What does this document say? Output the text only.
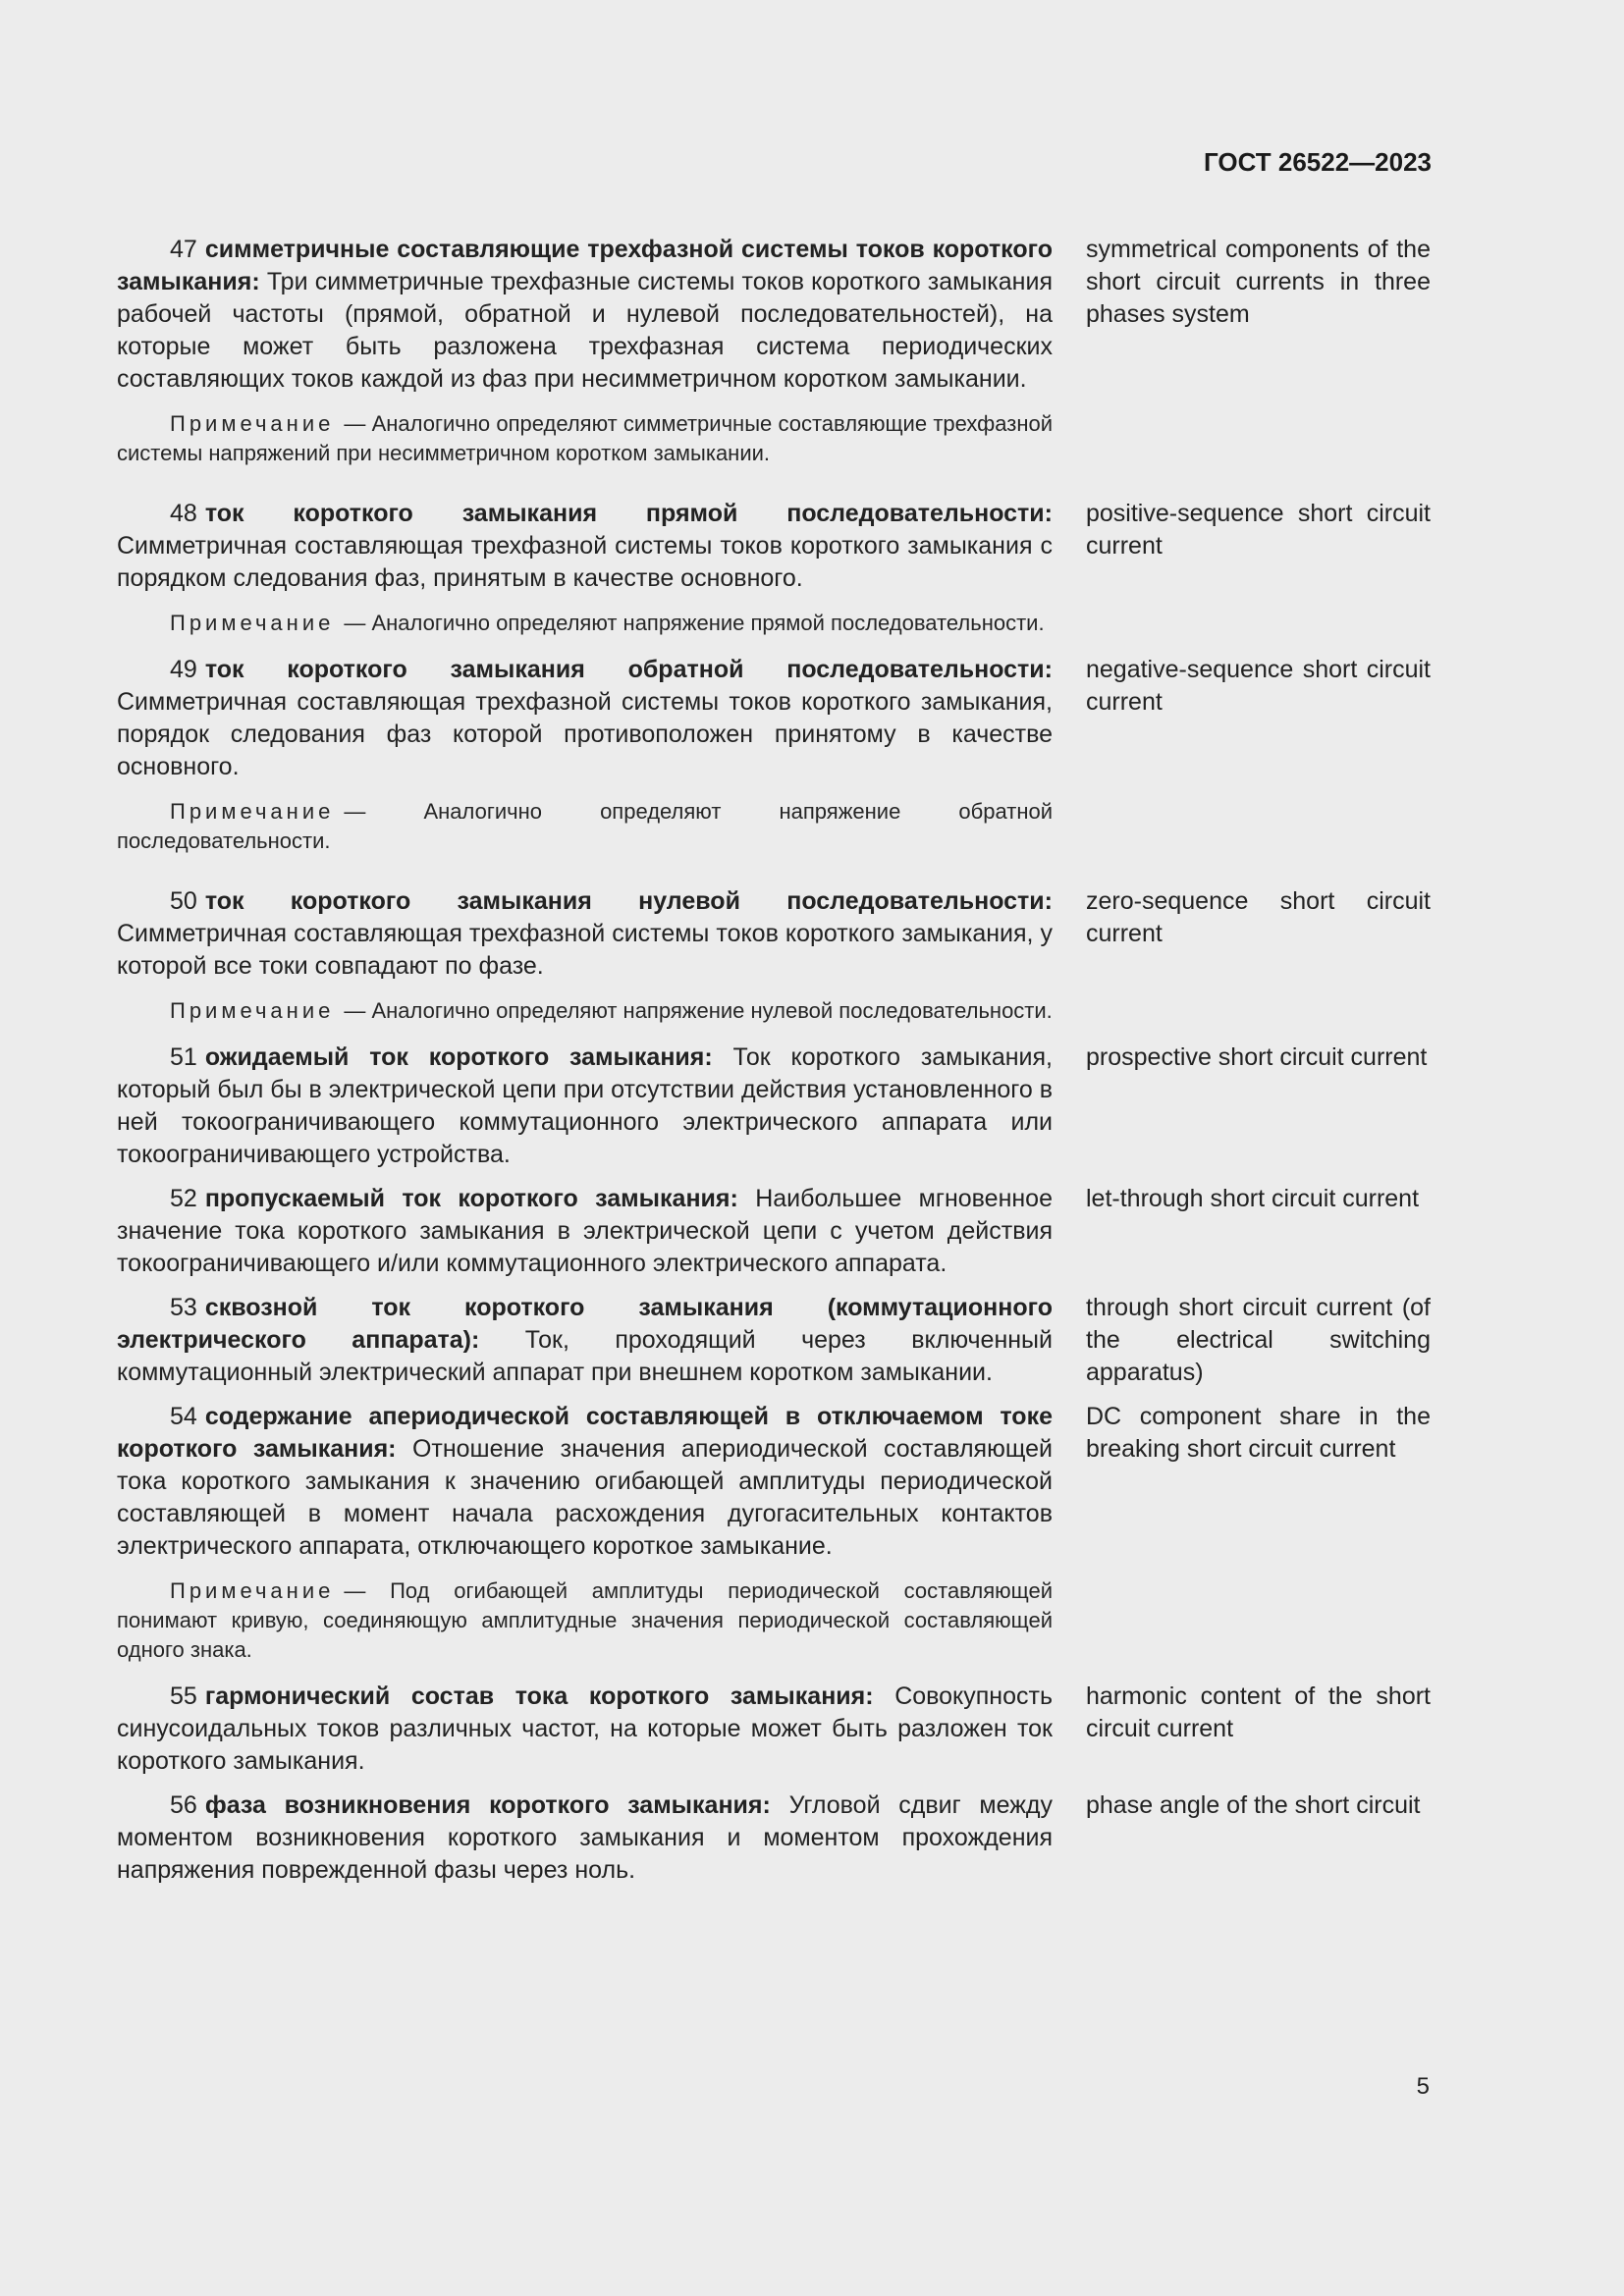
ГОСТ 26522—2023
47 симметричные составляющие трехфазной системы токов короткого замыкания: Три симметричные трехфазные системы токов короткого замыкания рабочей частоты (прямой, обратной и нулевой последовательностей), на которые может быть разложена трехфазная система периодических составляющих токов каждой из фаз при несимметричном коротком замыкании.
symmetrical components of the short circuit currents in three phases system
Примечание — Аналогично определяют симметричные составляющие трехфазной системы напряжений при несимметричном коротком замыкании.
48 ток короткого замыкания прямой последовательности: Симметричная составляющая трехфазной системы токов короткого замыкания с порядком следования фаз, принятым в качестве основного.
positive-sequence short circuit current
Примечание — Аналогично определяют напряжение прямой последовательности.
49 ток короткого замыкания обратной последовательности: Симметричная составляющая трехфазной системы токов короткого замыкания, порядок следования фаз которой противоположен принятому в качестве основного.
negative-sequence short circuit current
Примечание — Аналогично определяют напряжение обратной последовательности.
50 ток короткого замыкания нулевой последовательности: Симметричная составляющая трехфазной системы токов короткого замыкания, у которой все токи совпадают по фазе.
zero-sequence short circuit current
Примечание — Аналогично определяют напряжение нулевой последовательности.
51 ожидаемый ток короткого замыкания: Ток короткого замыкания, который был бы в электрической цепи при отсутствии действия установленного в ней токоограничивающего коммутационного электрического аппарата или токоограничивающего устройства.
prospective short circuit current
52 пропускаемый ток короткого замыкания: Наибольшее мгновенное значение тока короткого замыкания в электрической цепи с учетом действия токоограничивающего и/или коммутационного электрического аппарата.
let-through short circuit current
53 сквозной ток короткого замыкания (коммутационного электрического аппарата): Ток, проходящий через включенный коммутационный электрический аппарат при внешнем коротком замыкании.
through short circuit current (of the electrical switching apparatus)
54 содержание апериодической составляющей в отключаемом токе короткого замыкания: Отношение значения апериодической составляющей тока короткого замыкания к значению огибающей амплитуды периодической составляющей в момент начала расхождения дугогасительных контактов электрического аппарата, отключающего короткое замыкание.
DC component share in the breaking short circuit current
Примечание — Под огибающей амплитуды периодической составляющей понимают кривую, соединяющую амплитудные значения периодической составляющей одного знака.
55 гармонический состав тока короткого замыкания: Совокупность синусоидальных токов различных частот, на которые может быть разложен ток короткого замыкания.
harmonic content of the short circuit current
56 фаза возникновения короткого замыкания: Угловой сдвиг между моментом возникновения короткого замыкания и моментом прохождения напряжения поврежденной фазы через ноль.
phase angle of the short circuit
5
